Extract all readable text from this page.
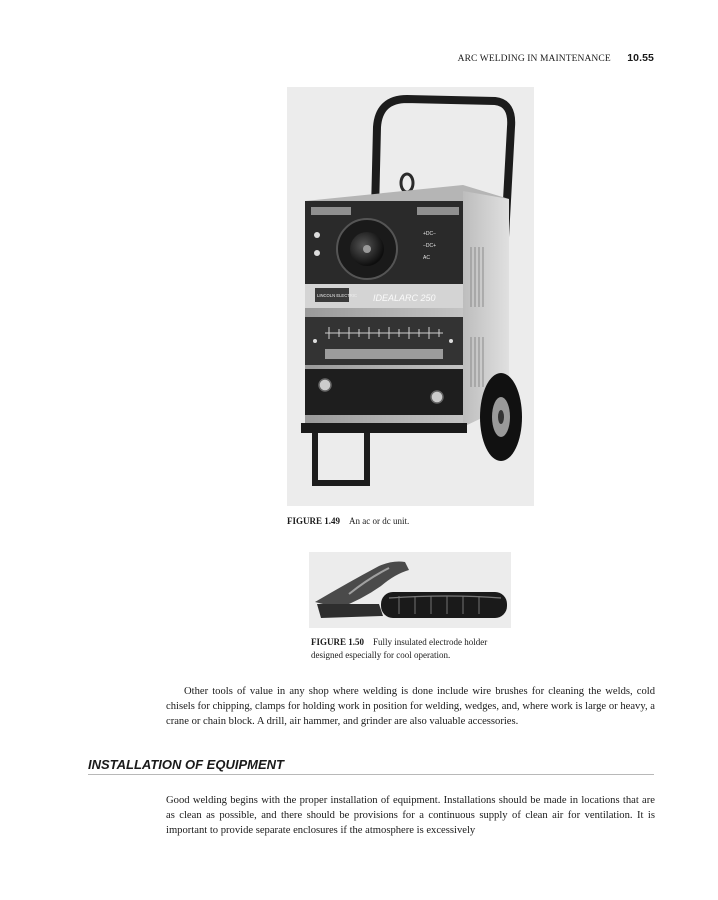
ARC WELDING IN MAINTENANCE 10.55
+DC−
−DC+
AC
LINCOLN ELECTRIC IDEALARC 250
FIGURE 1.49 An ac or dc unit.
FIGURE 1.50 Fully insulated electrode holder designed especially for cool operation.
Other tools of value in any shop where welding is done include wire brushes for cleaning the welds, cold chisels for chipping, clamps for holding work in position for welding, wedges, and, where work is large or heavy, a crane or chain block. A drill, air hammer, and grinder are also valuable accessories.
INSTALLATION OF EQUIPMENT
Good welding begins with the proper installation of equipment. Installations should be made in locations that are as clean as possible, and there should be provisions for a continuous supply of clean air for ventilation. It is important to provide separate enclosures if the atmosphere is excessively
